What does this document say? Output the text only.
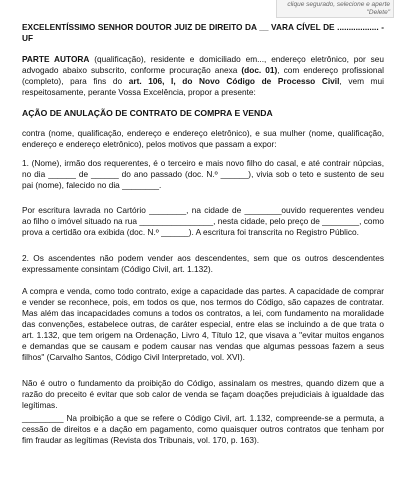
clique segurado, selecione e aperte "Delete"

EXCELENTÍSSIMO SENHOR DOUTOR JUIZ DE DIREITO DA __ VARA CÍVEL DE .................. - UF

PARTE AUTORA (qualificação), residente e domiciliado em..., endereço eletrônico, por seu advogado abaixo subscrito, conforme procuração anexa (doc. 01), com endereço profissional (completo), para fins do art. 106, I, do Novo Código de Processo Civil, vem mui respeitosamente, perante Vossa Excelência, propor a presente:

AÇÃO DE ANULAÇÃO DE CONTRATO DE COMPRA E VENDA

contra (nome, qualificação, endereço e endereço eletrônico), e sua mulher (nome, qualificação, endereço e endereço eletrônico), pelos motivos que passam a expor:

1. (Nome), irmão dos requerentes, é o terceiro e mais novo filho do casal, e até contrair núpcias, no dia ______ de ______ do ano passado (doc. N.º ______), vivia sob o teto e sustento de seu pai (nome), falecido no dia ________.

Por escritura lavrada no Cartório ________, na cidade de ________ouvido requerentes vendeu ao filho o imóvel situado na rua ________________, nesta cidade, pelo preço de ________, como prova a certidão ora exibida (doc. N.º ______). A escritura foi transcrita no Registro Público.

2. Os ascendentes não podem vender aos descendentes, sem que os outros descendentes expressamente consintam (Código Civil, art. 1.132).

A compra e venda, como todo contrato, exige a capacidade das partes. A capacidade de comprar e vender se reconhece, pois, em todos os que, nos termos do Código, são capazes de contratar. Mas além das incapacidades comuns a todos os contratos, a lei, com fundamento na moralidade das convenções, estabelece outras, de caráter especial, entre elas se incluindo a de que trata o art. 1.132, que tem origem na Ordenação, Livro 4, Título 12, que visava a "evitar muitos enganos e demandas que se causam e podem causar nas vendas que algumas pessoas fazem a seus filhos" (Carvalho Santos, Código Civil Interpretado, vol. XVI).

Não é outro o fundamento da proibição do Código, assinalam os mestres, quando dizem que a razão do preceito é evitar que sob calor de venda se façam doações prejudiciais à igualdade das legítimas.

_________ Na proibição a que se refere o Código Civil, art. 1.132, compreende-se a permuta, a cessão de direitos e a dação em pagamento, como quaisquer outros contratos que tenham por fim fraudar as legítimas (Revista dos Tribunais, vol. 170, p. 163).
